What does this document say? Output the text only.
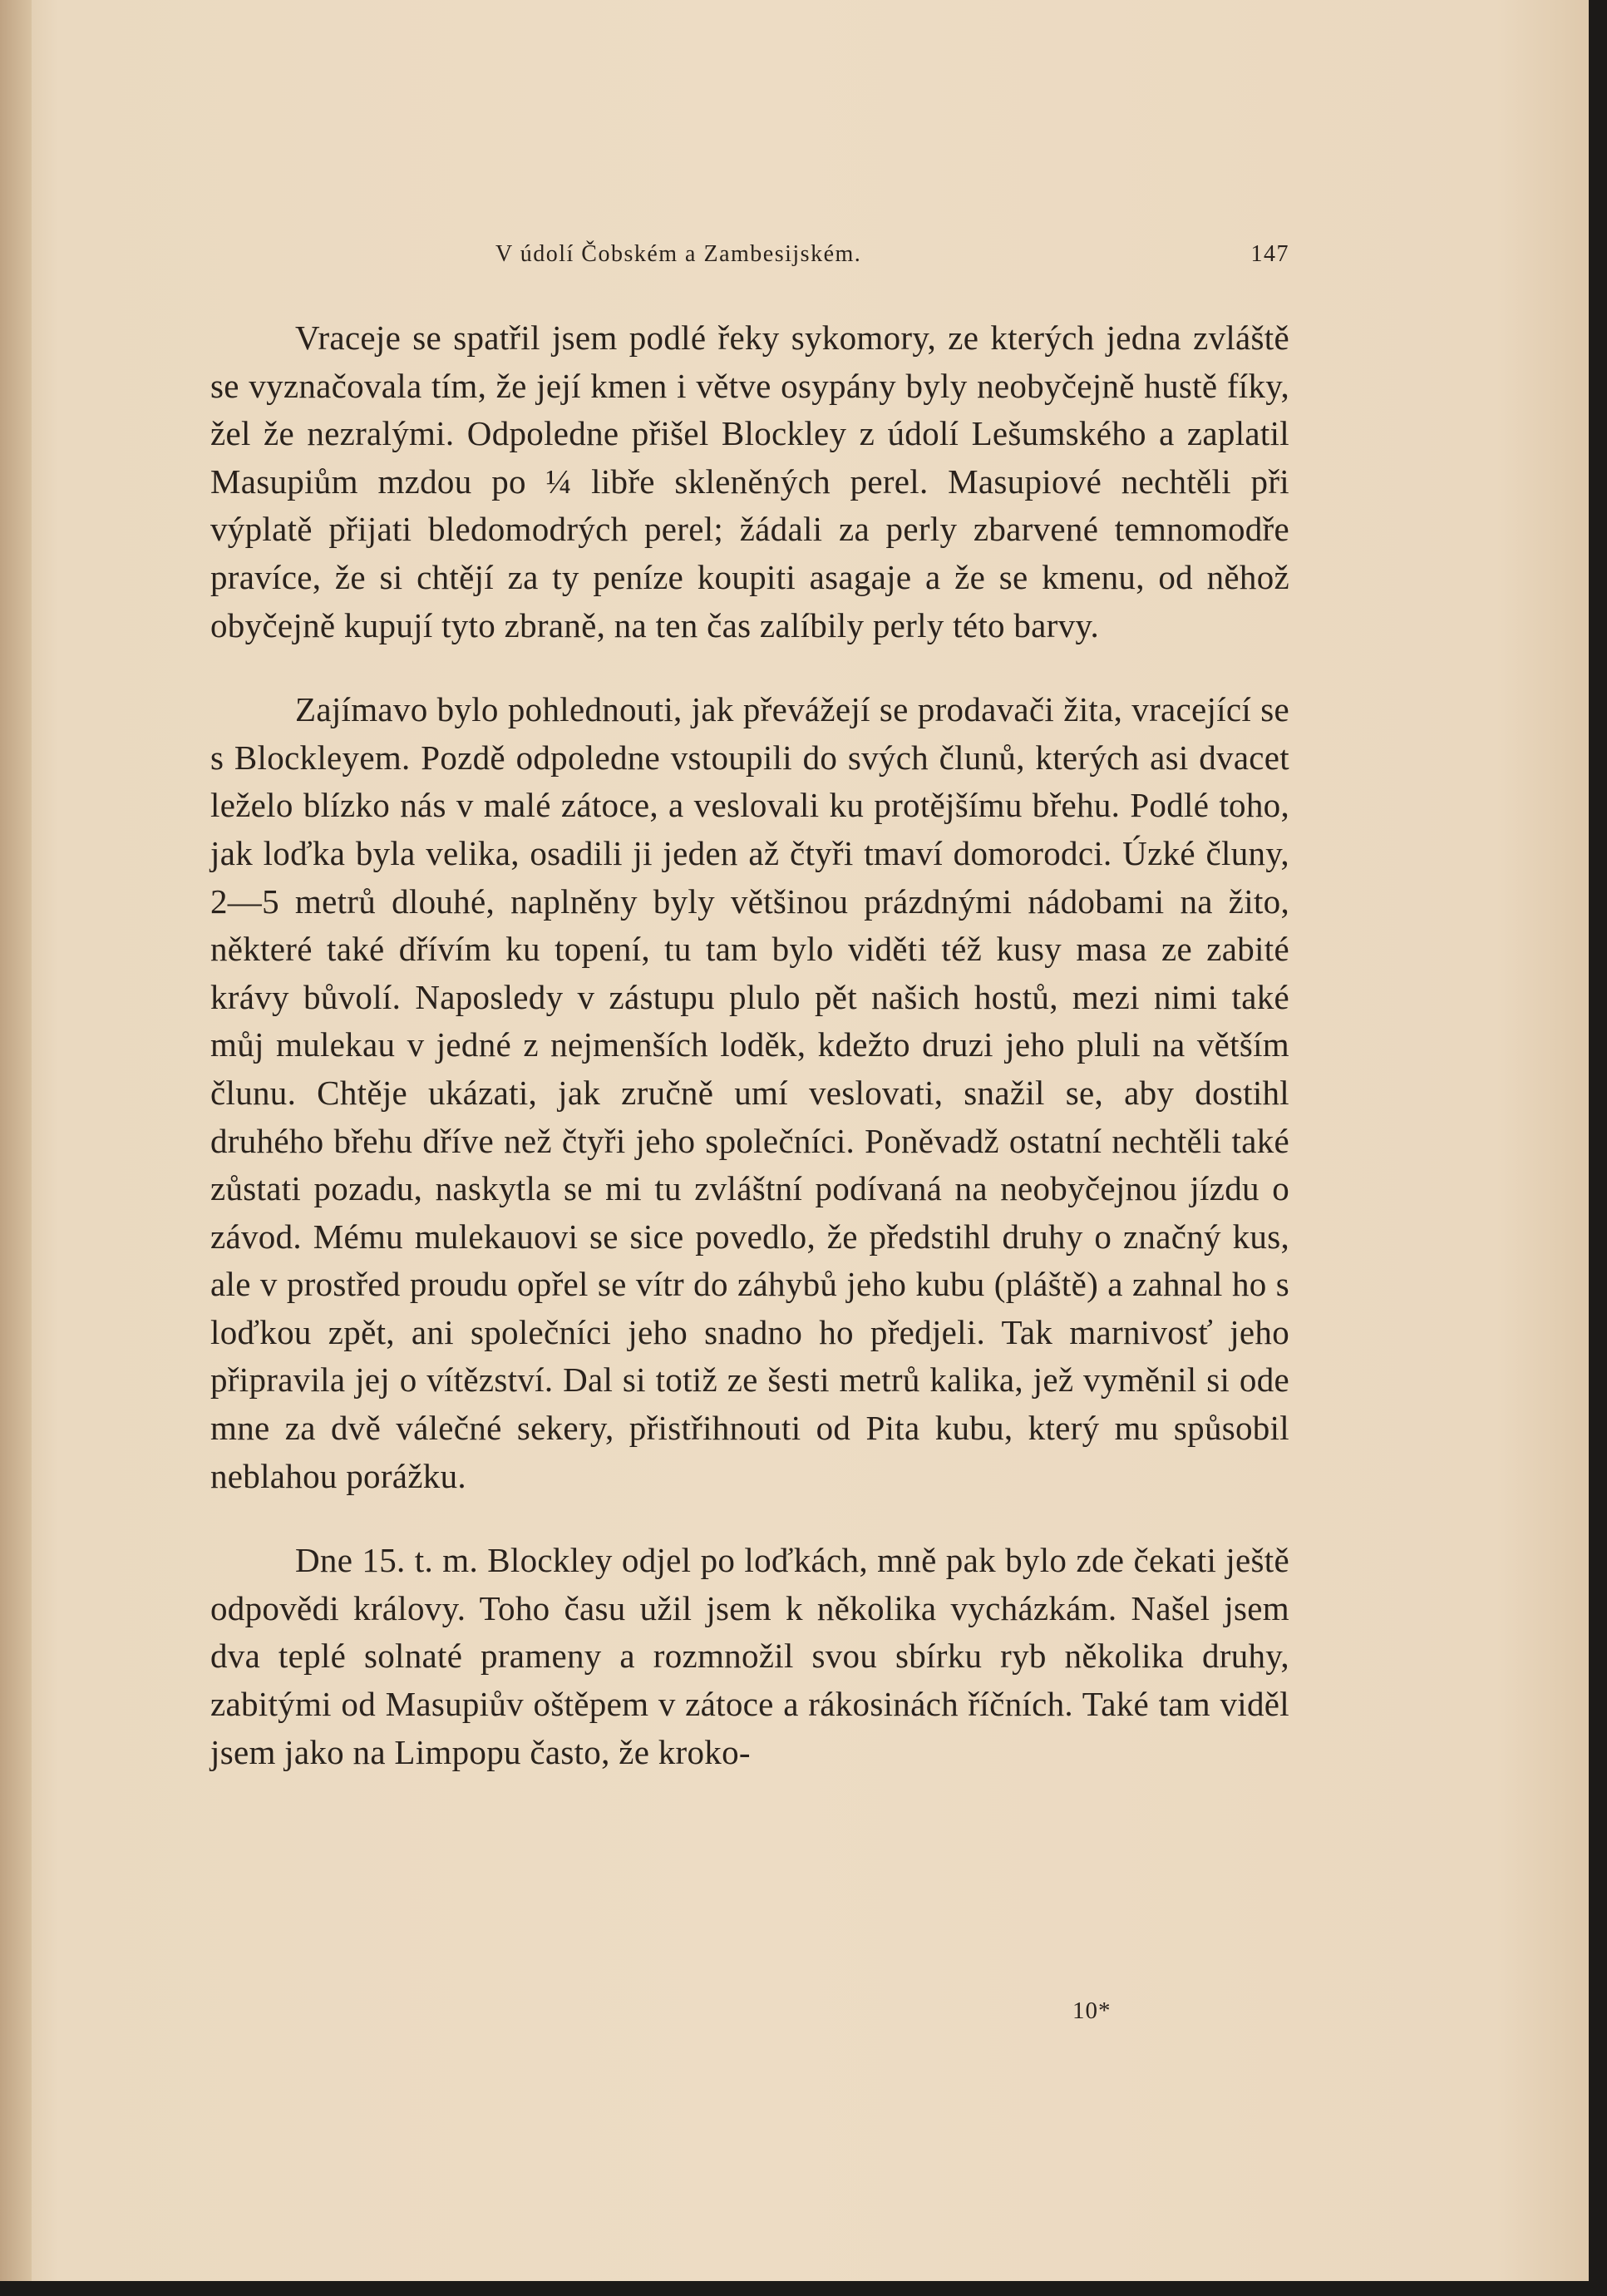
V údolí Čobském a Zambesijském.	147

Vraceje se spatřil jsem podlé řeky sykomory, ze kterých jedna zvláště se vyznačovala tím, že její kmen i větve osypány byly neobyčejně hustě fíky, žel že nezralými. Odpoledne přišel Blockley z údolí Lešumského a zaplatil Masupiům mzdou po ¼ libře skleněných perel. Masupiové nechtěli při výplatě přijati bledomodrých perel; žádali za perly zbarvené temnomodře pravíce, že si chtějí za ty peníze koupiti asagaje a že se kmenu, od něhož obyčejně kupují tyto zbraně, na ten čas zalíbily perly této barvy.

Zajímavo bylo pohlednouti, jak převážejí se prodavači žita, vracející se s Blockleyem. Pozdě odpoledne vstoupili do svých člunů, kterých asi dvacet leželo blízko nás v malé zátoce, a veslovali ku protějšímu břehu. Podlé toho, jak loďka byla velika, osadili ji jeden až čtyři tmaví domorodci. Úzké čluny, 2—5 metrů dlouhé, naplněny byly většinou prázdnými nádobami na žito, některé také dřívím ku topení, tu tam bylo viděti též kusy masa ze zabité krávy bůvolí. Naposledy v zástupu plulo pět našich hostů, mezi nimi také můj mulekau v jedné z nejmenších loděk, kdežto druzi jeho pluli na větším člunu. Chtěje ukázati, jak zručně umí veslovati, snažil se, aby dostihl druhého břehu dříve než čtyři jeho společníci. Poněvadž ostatní nechtěli také zůstati pozadu, naskytla se mi tu zvláštní podívaná na neobyčejnou jízdu o závod. Mému mulekauovi se sice povedlo, že předstihl druhy o značný kus, ale v prostřed proudu opřel se vítr do záhybů jeho kubu (pláště) a zahnal ho s loďkou zpět, ani společníci jeho snadno ho předjeli. Tak marnivosť jeho připravila jej o vítězství. Dal si totiž ze šesti metrů kalika, jež vyměnil si ode mne za dvě válečné sekery, přistřihnouti od Pita kubu, který mu spůsobil neblahou porážku.

Dne 15. t. m. Blockley odjel po loďkách, mně pak bylo zde čekati ještě odpovědi královy. Toho času užil jsem k několika vycházkám. Našel jsem dva teplé solnaté prameny a rozmnožil svou sbírku ryb několika druhy, zabitými od Masupiův oštěpem v zátoce a rákosinách říčních. Také tam viděl jsem jako na Limpopu často, že kroko-

10*
